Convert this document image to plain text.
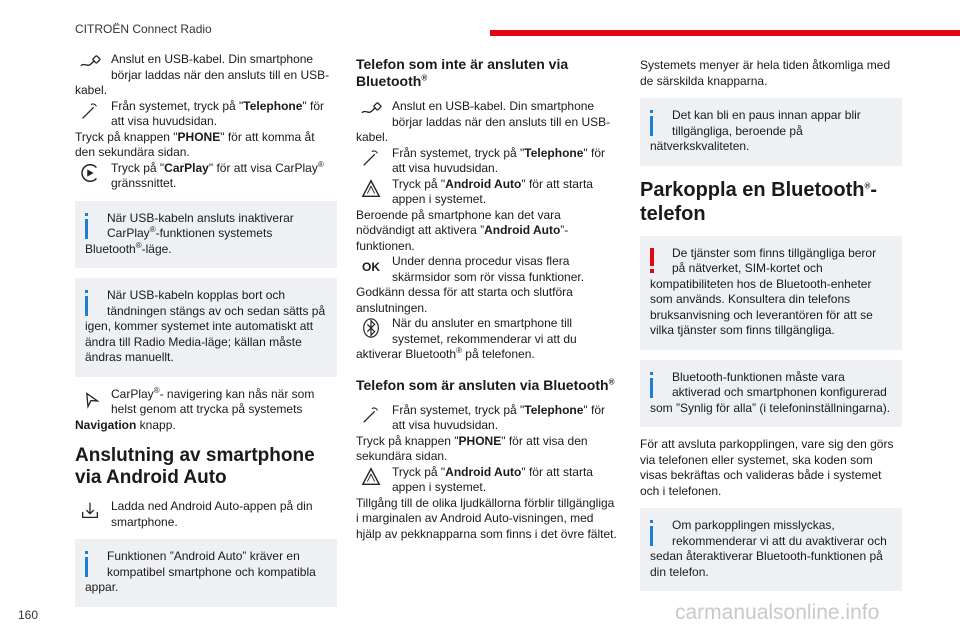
CITROËN Connect Radio

Anslut en USB-kabel. Din smartphone börjar laddas när den ansluts till en USB-kabel.

Från systemet, tryck på "Telephone" för att visa huvudsidan.

Tryck på knappen "PHONE" för att komma åt den sekundära sidan.

Tryck på "CarPlay" för att visa CarPlay® gränssnittet.

När USB-kabeln ansluts inaktiverar CarPlay®-funktionen systemets Bluetooth®-läge.

När USB-kabeln kopplas bort och tändningen stängs av och sedan sätts på igen, kommer systemet inte automatiskt att ändra till Radio Media-läge; källan måste ändras manuellt.

CarPlay®- navigering kan nås när som helst genom att trycka på systemets Navigation knapp.

Anslutning av smartphone via Android Auto

Ladda ned Android Auto-appen på din smartphone.

Funktionen ”Android Auto” kräver en kompatibel smartphone och kompatibla appar.

Telefon som inte är ansluten via Bluetooth®

Anslut en USB-kabel. Din smartphone börjar laddas när den ansluts till en USB-kabel.

Från systemet, tryck på "Telephone" för att visa huvudsidan.

Tryck på "Android Auto" för att starta appen i systemet.

Beroende på smartphone kan det vara nödvändigt att aktivera ”Android Auto”-funktionen.

OK	Under denna procedur visas flera skärmsidor som rör vissa funktioner. Godkänn dessa för att starta och slutföra anslutningen.

När du ansluter en smartphone till systemet, rekommenderar vi att du aktiverar Bluetooth® på telefonen.

Telefon som är ansluten via Bluetooth®

Från systemet, tryck på "Telephone" för att visa huvudsidan.

Tryck på knappen "PHONE" för att visa den sekundära sidan.

Tryck på "Android Auto" för att starta appen i systemet.

Tillgång till de olika ljudkällorna förblir tillgängliga i marginalen av Android Auto-visningen, med hjälp av pekknapparna som finns i det övre fältet.

Systemets menyer är hela tiden åtkomliga med de särskilda knapparna.

Det kan bli en paus innan appar blir tillgängliga, beroende på nätverkskvaliteten.

Parkoppla en Bluetooth®-telefon

De tjänster som finns tillgängliga beror på nätverket, SIM-kortet och kompatibiliteten hos de Bluetooth-enheter som används. Konsultera din telefons bruksanvisning och leverantören för att se vilka tjänster som finns tillgängliga.

Bluetooth-funktionen måste vara aktiverad och smartphonen konfigurerad som ”Synlig för alla” (i telefoninställningarna).

För att avsluta parkopplingen, vare sig den görs via telefonen eller systemet, ska koden som visas bekräftas och valideras både i systemet och i telefonen.

Om parkopplingen misslyckas, rekommenderar vi att du avaktiverar och sedan återaktiverar Bluetooth-funktionen på din telefon.

160	carmanualsonline.info
